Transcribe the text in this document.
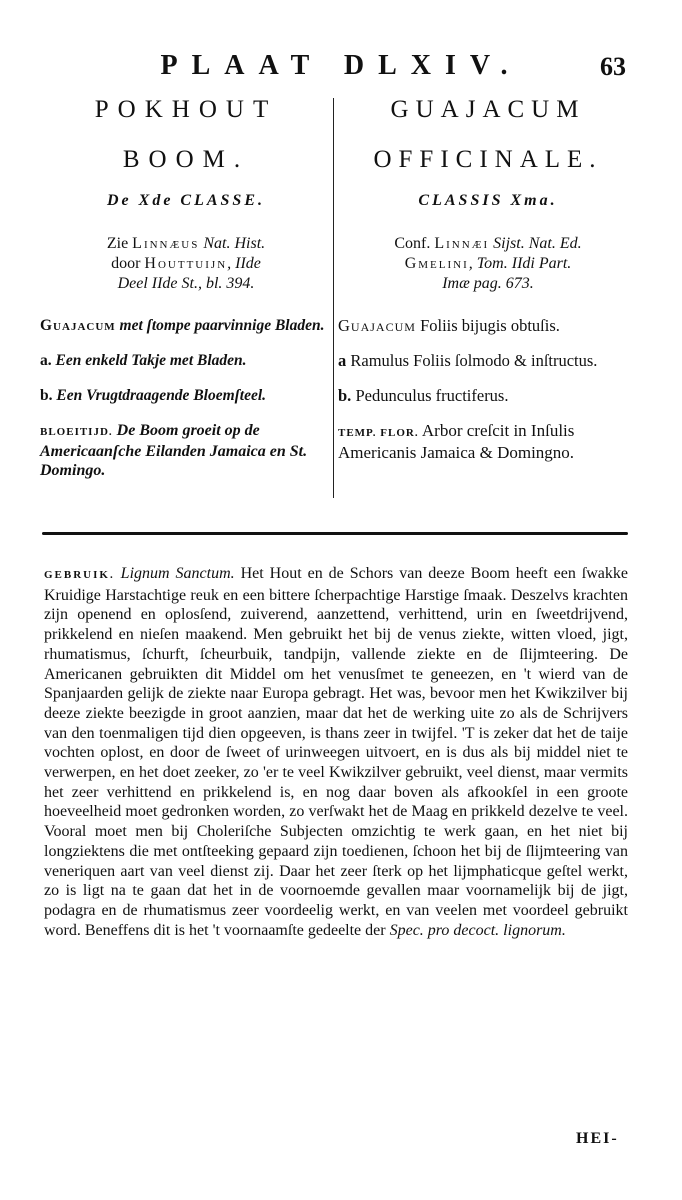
PLAAT DLXIV.	63
POKHOUT
BOOM.
De Xde CLASSE.
Zie Linnæus Nat. Hist.
door Houttuijn, IIde
Deel IIde St., bl. 394.
Guajacum met ſtompe paarvinnige Bladen.
a. Een enkeld Takje met Bladen.
b. Een Vrugtdraagende Bloemſteel.
BLOEITIJD. De Boom groeit op de Americaanſche Eilanden Jamaica en St. Domingo.
GUAJACUM
OFFICINALE.
CLASSIS Xma.
Conf. Linnæi Sijst. Nat. Ed.
Gmelini, Tom. IIdi Part.
Imæ pag. 673.
Guajacum Foliis bijugis obtuſis.
a Ramulus Foliis ſolmodo & inſtructus.
b. Pedunculus fructiferus.
TEMP. FLOR. Arbor creſcit in Inſulis Americanis Jamaica & Domingno.
GEBRUIK. Lignum Sanctum. Het Hout en de Schors van deeze Boom heeft een ſwakke Kruidige Harstachtige reuk en een bittere ſcherpachtige Harstige ſmaak. Deszelvs krachten zijn openend en oplosſend, zuiverend, aanzettend, verhittend, urin en ſweetdrijvend, prikkelend en nieſen maakend. Men gebruikt het bij de venus ziekte, witten vloed, jigt, rhumatismus, ſchurft, ſcheurbuik, tandpijn, vallende ziekte en de ſlijmteering. De Americanen gebruikten dit Middel om het venusſmet te geneezen, en 't wierd van de Spanjaarden gelijk de ziekte naar Europa gebragt. Het was, bevoor men het Kwikzilver bij deeze ziekte beezigde in groot aanzien, maar dat het de werking uite zo als de Schrijvers van den toenmaligen tijd dien opgeeven, is thans zeer in twijfel. 'T is zeker dat het de taije vochten oplost, en door de ſweet of urinweegen uitvoert, en is dus als bij middel niet te verwerpen, en het doet zeeker, zo 'er te veel Kwikzilver gebruikt, veel dienst, maar vermits het zeer verhittend en prikkelend is, en nog daar boven als afkookſel in een groote hoeveelheid moet gedronken worden, zo verſwakt het de Maag en prikkeld dezelve te veel. Vooral moet men bij Choleriſche Subjecten omzichtig te werk gaan, en het niet bij longziektens die met ontſteeking gepaard zijn toedienen, ſchoon het bij de ſlijmteering van veneriquen aart van veel dienst zij. Daar het zeer ſterk op het lijmphaticque geſtel werkt, zo is ligt na te gaan dat het in de voornoemde gevallen maar voornamelijk bij de jigt, podagra en de rhumatismus zeer voordeelig werkt, en van veelen met voordeel gebruikt word. Beneffens dit is het 't voornaamſte gedeelte der Spec. pro decoct. lignorum.
HEI-
